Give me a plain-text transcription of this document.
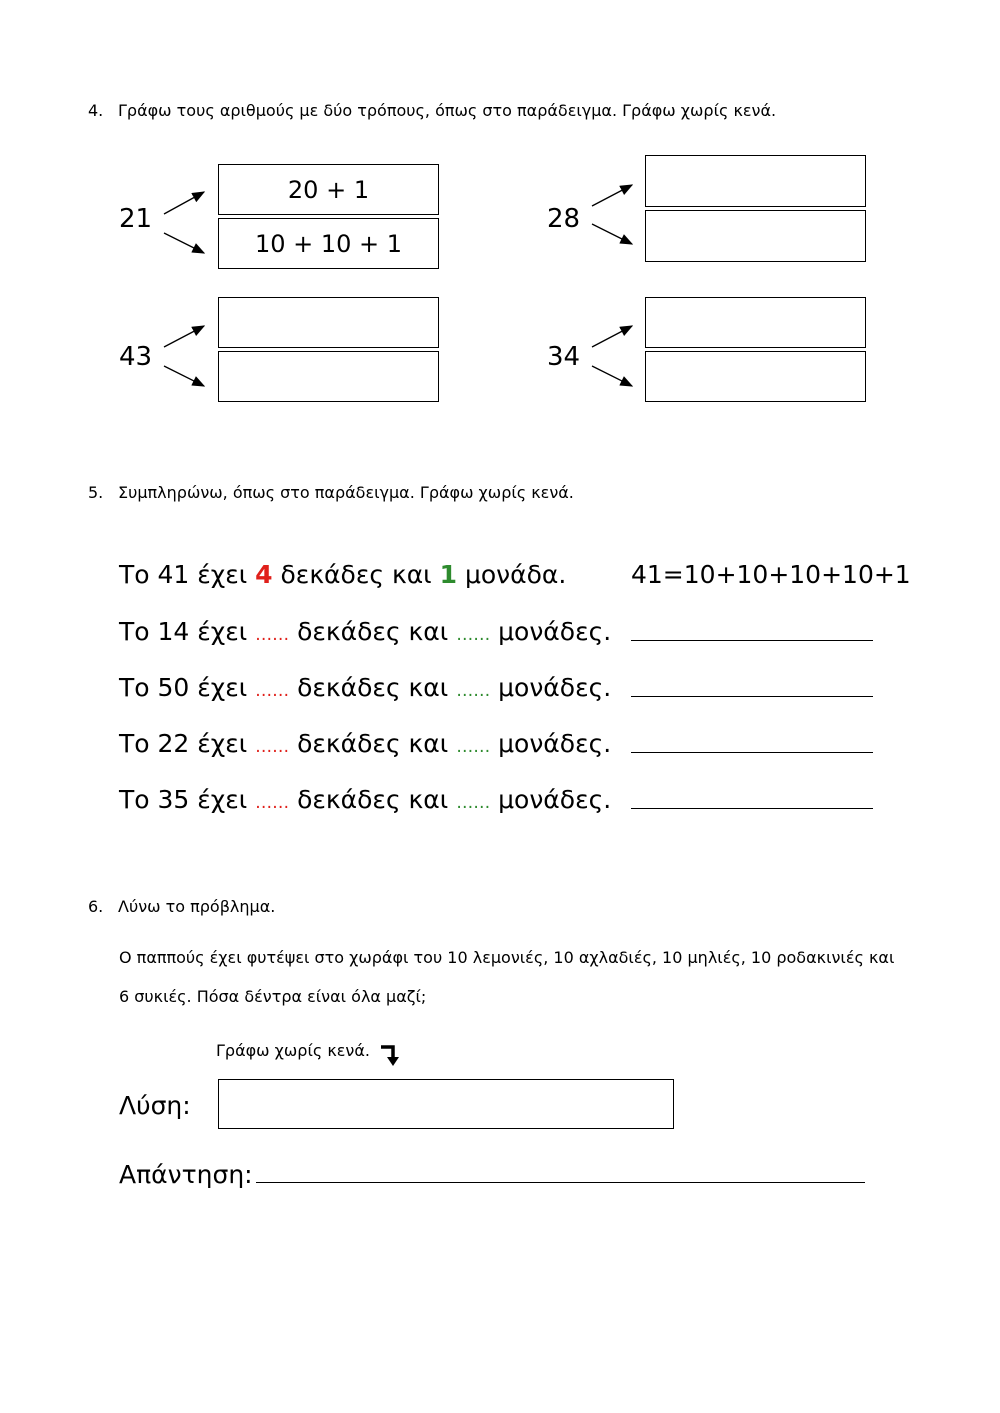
4. Γράφω τους αριθμούς με δύο τρόπους, όπως στο παράδειγμα. Γράφω χωρίς κενά.
21
20 + 1
10 + 10 + 1
28
43	34
5. Συμπληρώνω, όπως στο παράδειγμα. Γράφω χωρίς κενά.
Το 41 έχει 4 δεκάδες και 1 μονάδα.	41=10+10+10+10+1
Το 14 έχει …… δεκάδες και …… μονάδες.
Το 50 έχει …… δεκάδες και …… μονάδες.
Το 22 έχει …… δεκάδες και …… μονάδες.
Το 35 έχει …… δεκάδες και …… μονάδες.
6. Λύνω το πρόβλημα.
Ο παππούς έχει φυτέψει στο χωράφι του 10 λεμονιές, 10 αχλαδιές, 10 μηλιές, 10 ροδακινιές και
6 συκιές. Πόσα δέντρα είναι όλα μαζί;
Γράφω χωρίς κενά.
Λύση:
Απάντηση:
